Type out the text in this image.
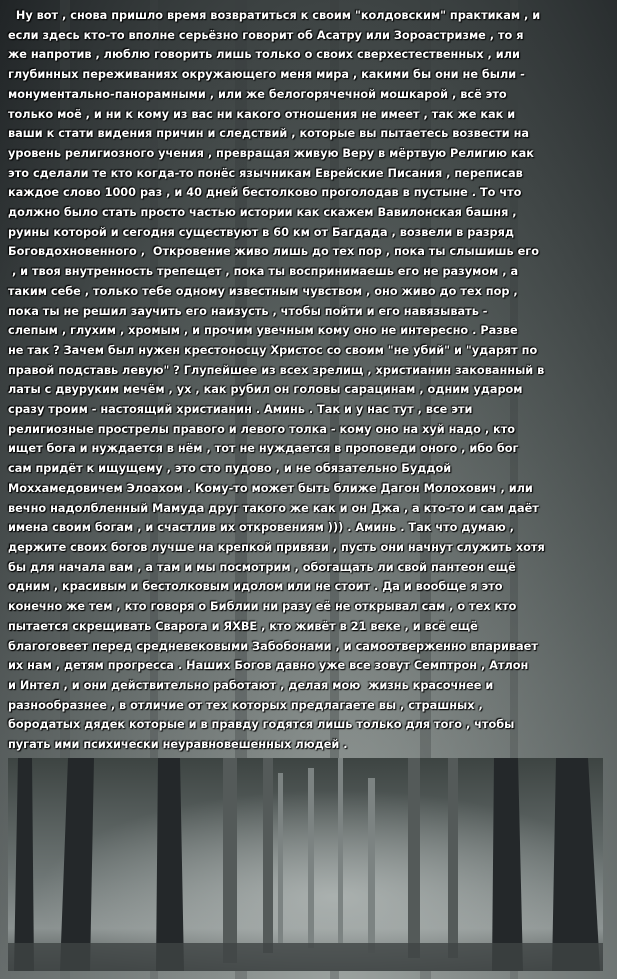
Ну вот , снова пришло время возвратиться к своим "колдовским" практикам , и
если здесь кто-то вполне серьёзно говорит об Асатру или Зороастризме , то я
же напротив , люблю говорить лишь только о своих сверхестественных , или
глубинных переживаниях окружающего меня мира , какими бы они не были -
монументально-панорамными , или же белогорячечной мошкарой , всё это
только моё , и ни к кому из вас ни какого отношения не имеет , так же как и
ваши к стати видения причин и следствий , которые вы пытаетесь возвести на
уровень религиозного учения , превращая живую Веру в мёртвую Религию как
это сделали те кто когда-то понёс язычникам Еврейские Писания , переписав
каждое слово 1000 раз , и 40 дней бестолково проголодав в пустыне . То что
должно было стать просто частью истории как скажем Вавилонская башня ,
руины которой и сегодня существуют в 60 км от Багдада , возвели в разряд
Боговдохновенного ,  Откровение живо лишь до тех пор , пока ты слышишь его
, и твоя внутренность трепещет , пока ты воспринимаешь его не разумом , а
таким себе , только тебе одному известным чувством , оно живо до тех пор ,
пока ты не решил заучить его наизусть , чтобы пойти и его навязывать -
слепым , глухим , хромым , и прочим увечным кому оно не интересно . Разве
не так ? Зачем был нужен крестоносцу Христос со своим "не убий" и "ударят по
правой подставь левую" ? Глупейшее из всех зрелищ , христианин закованный в
латы с двуруким мечём , ух , как рубил он головы сарацинам , одним ударом
сразу троим - настоящий христианин . Аминь . Так и у нас тут , все эти
религиозные прострелы правого и левого толка - кому оно на хуй надо , кто
ищет бога и нуждается в нём , тот не нуждается в проповеди оного , ибо бог
сам придёт к ищущему , это сто пудово , и не обязательно Буддой
Моххамедовичем Элоахом . Кому-то может быть ближе Дагон Молохович , или
вечно надолбленный Мамуда друг такого же как и он Джа , а кто-то и сам даёт
имена своим богам , и счастлив их откровениям ))) . Аминь . Так что думаю ,
держите своих богов лучше на крепкой привязи , пусть они начнут служить хотя
бы для начала вам , а там и мы посмотрим , обогащать ли свой пантеон ещё
одним , красивым и бестолковым идолом или не стоит . Да и вообще я это
конечно же тем , кто говоря о Библии ни разу её не открывал сам , о тех кто
пытается скрещивать Сварога и ЯХВЕ , кто живёт в 21 веке , и всё ещё
благоговеет перед средневековыми Забобонами , и самоотверженно впаривает
их нам , детям прогресса . Наших Богов давно уже все зовут Семптрон , Атлон
и Интел , и они действительно работают , делая мою  жизнь красочнее и
разнообразнее , в отличие от тех которых предлагаете вы , страшных ,
бородатых дядек которые и в правду годятся лишь только для того , чтобы
пугать ими психически неуравновешенных людей .
